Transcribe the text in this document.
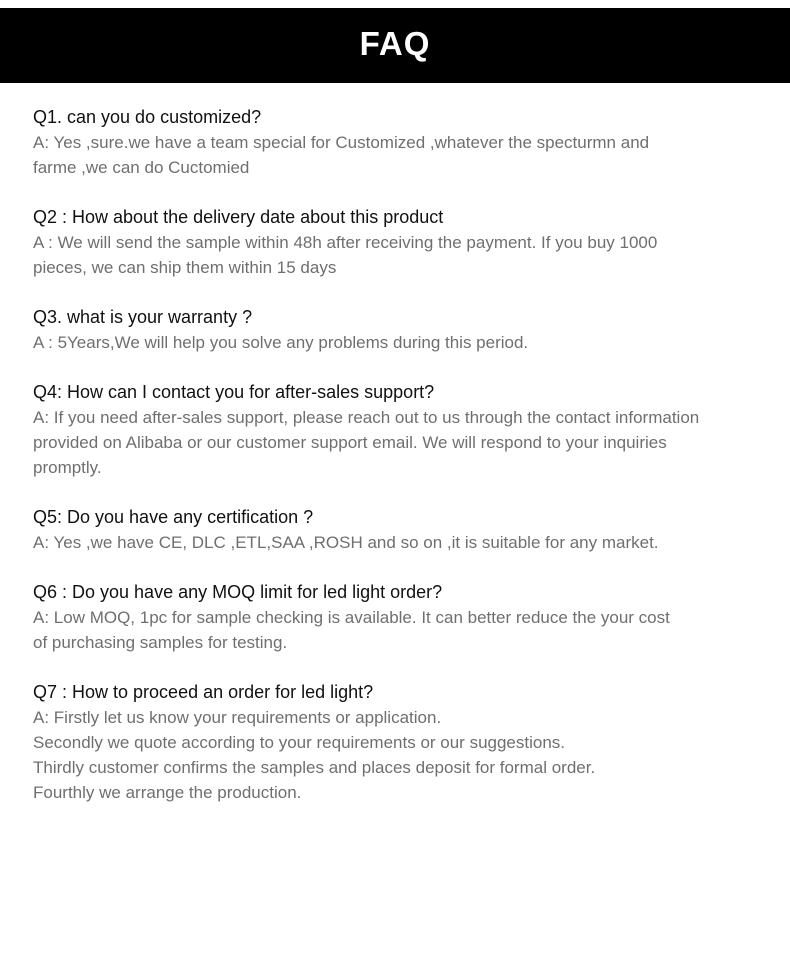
FAQ
Q1. can you do customized?
A: Yes ,sure.we have a team special for Customized ,whatever the specturmn and
farme ,we can do Cuctomied
Q2 : How about the delivery date about this product
A : We will send the sample within 48h after receiving the payment. If you buy 1000
pieces, we can ship them within 15 days
Q3. what is your warranty ?
A : 5Years,We will help you solve any problems during this period.
Q4: How can I contact you for after-sales support?
A: If you need after-sales support, please reach out to us through the contact information
provided on Alibaba or our customer support email. We will respond to your inquiries
promptly.
Q5: Do you have any certification ?
A: Yes ,we have CE, DLC ,ETL,SAA ,ROSH and so on ,it is suitable for any market.
Q6 : Do you have any MOQ limit for led light order?
A: Low MOQ, 1pc for sample checking is available. It can better reduce the your cost
of purchasing samples for testing.
Q7 : How to proceed an order for led light?
A: Firstly let us know your requirements or application.
Secondly we quote according to your requirements or our suggestions.
Thirdly customer confirms the samples and places deposit for formal order.
Fourthly we arrange the production.
